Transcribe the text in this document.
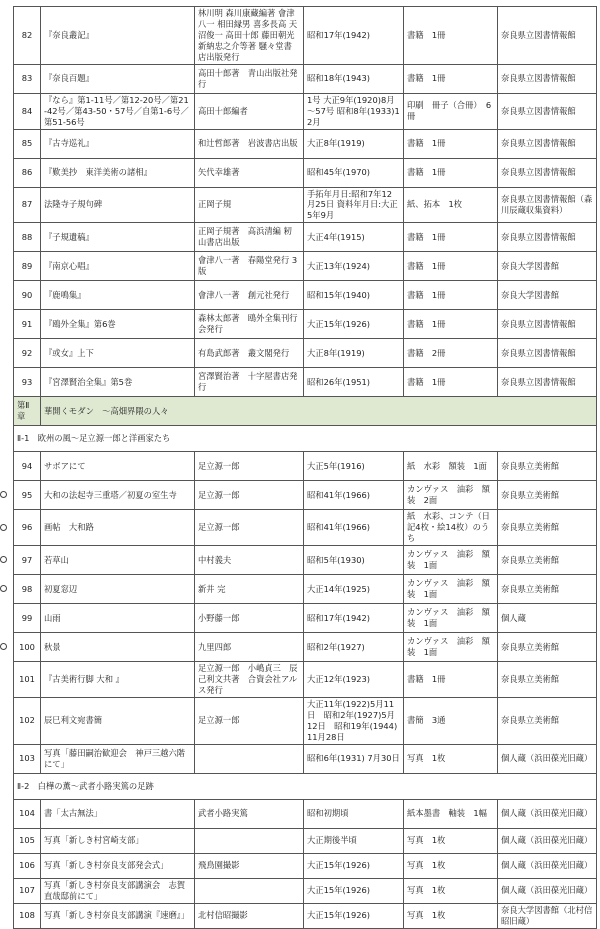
82	『奈良叢記』	林川明 森川康藏編著 會津八一 相田縁男 喜多長高 天沼俊一 高田十郎 藤田朝光 新納忠之介等著 騒々堂書店出版発行	昭和17年(1942)	書籍　1冊	奈良県立図書情報館
83	『奈良百題』	高田十郎著　青山出版社発行	昭和18年(1943)	書籍　1冊	奈良県立図書情報館
84	『なら』第1-11号／第12-20号／第21-42号／第43-50・57号／自第1-6号／第51-56号	高田十郎編者	1号 大正9年(1920)8月～57号 昭和8年(1933)12月	印刷　冊子（合冊）　6冊	奈良県立図書情報館
85	『古寺巡礼』	和辻哲郎著　岩波書店出版	大正8年(1919)	書籍　1冊	奈良県立図書情報館
86	『歎美抄　東洋美術の諸相』	矢代幸雄著	昭和45年(1970)	書籍　1冊	奈良県立図書情報館
87	法隆寺子規句碑	正岡子規	手拓年月日:昭和7年12月25日 資料年月日:大正5年9月	紙、拓本　1枚	奈良県立図書情報館（森川辰蔵収集資料）
88	『子規遺稿』	正岡子規著　高浜清編 籾山書店出版	大正4年(1915)	書籍　1冊	奈良県立図書情報館
89	『南京心唱』	會津八一著　春陽堂発行 3版	大正13年(1924)	書籍　1冊	奈良大学図書館
90	『鹿鳴集』	會津八一著　創元社発行	昭和15年(1940)	書籍　1冊	奈良大学図書館
91	『鴎外全集』第6巻	森林太郎著　鴎外全集刊行会発行	大正15年(1926)	書籍　1冊	奈良県立図書情報館
92	『或女』上下	有島武郎著　叢文閣発行	大正8年(1919)	書籍　2冊	奈良県立図書情報館
93	『宮澤賢治全集』第5巻	宮澤賢治著　十字屋書店発行	昭和26年(1951)	書籍　1冊	奈良県立図書情報館
第Ⅱ章	華開くモダン　～高畑界隈の人々				
Ⅱ-1　欧州の風～足立源一郎と洋画家たち					
94	サボアにて	足立源一郎	大正5年(1916)	紙　水彩　額装　1面	奈良県立美術館
95	大和の法起寺三重塔／初夏の室生寺	足立源一郎	昭和41年(1966)	カンヴァス　油彩　額装　2面	奈良県立美術館
96	画帖　大和路	足立源一郎	昭和41年(1966)	紙　水彩、コンテ（日記4枚・絵14枚）のうち	奈良県立美術館
97	若草山	中村義夫	昭和5年(1930)	カンヴァス　油彩　額装　1面	奈良県立美術館
98	初夏窓辺	新井 完	大正14年(1925)	カンヴァス　油彩　額装　1面	奈良県立美術館
99	山雨	小野藤一郎	昭和17年(1942)	カンヴァス　油彩　額装　1面	個人蔵
100	秋景	九里四郎	昭和2年(1927)	カンヴァス　油彩　額装　1面	奈良県立美術館
101	『古美術行脚 大和 』	足立源一郎　小嶋貞三　辰己利文共著　合資会社アルス発行	大正12年(1923)	書籍　1冊	奈良県立美術館
102	辰巳利文宛書簡	足立源一郎	大正11年(1922)5月11日　昭和2年(1927)5月12日　昭和19年(1944)11月28日	書簡　3通	奈良県立美術館
103	写真「藤田嗣治歓迎会　神戸三越六階にて」		昭和6年(1931) 7月30日	写真　1枚	個人蔵（浜田葆光旧蔵）
Ⅱ-2　白樺の薫～武者小路実篤の足跡					
104	書「太古無法」	武者小路実篤	昭和初期頃	紙本墨書　軸装　1幅	個人蔵（浜田葆光旧蔵）
105	写真「新しき村宮崎支部」		大正期後半頃	写真　1枚	個人蔵（浜田葆光旧蔵）
106	写真「新しき村奈良支部発会式」	飛鳥園撮影	大正15年(1926)	写真　1枚	個人蔵（浜田葆光旧蔵）
107	写真「新しき村奈良支部講演会　志賀直哉邸前にて」		大正15年(1926)	写真　1枚	個人蔵（浜田葆光旧蔵）
108	写真「新しき村奈良支部講演『速磨』」	北村信昭撮影	大正15年(1926)	写真　1枚	奈良大学図書館（北村信昭旧蔵）
